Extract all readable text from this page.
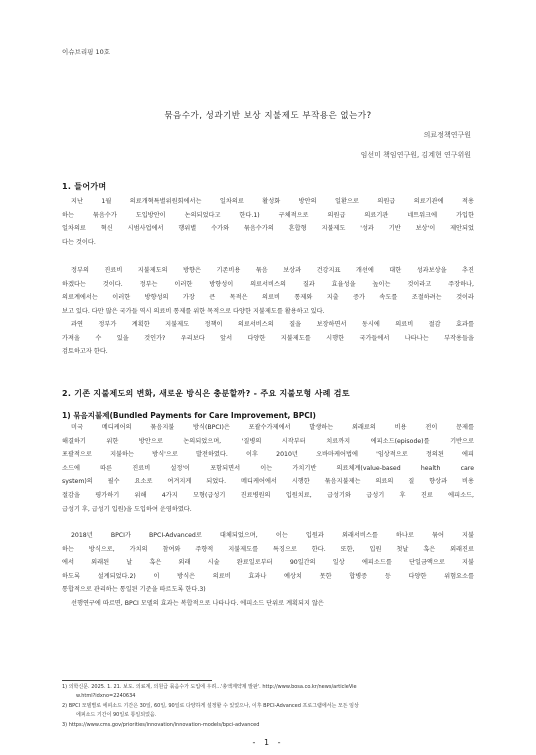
이슈브리핑 10호
묶음수가, 성과기반 보상 지불제도 부작용은 없는가?
의료정책연구원
임선미 책임연구원, 김계현 연구위원
1. 들어가며
지난 1월 의료개혁특별위원회에서는 일차의료 활성화 방안의 일환으로 의원급 의료기관에 적용
하는 묶음수가 도입방안이 논의되었다고 한다.1) 구체적으로 의원급 의료기관 네트워크에 가입한
일차의료 혁신 시범사업에서 행위별 수가와 묶음수가의 혼합형 지불제도 '성과 기반 보상'이 제안되었
다는 것이다.
정부의 진료비 지불제도의 방향은 기존비용 묶음 보상과 건강지표 개선에 대한 성과보상을 추진
하겠다는 것이다. 정부는 이러한 방향성이 의료서비스의 질과 효율성을 높이는 것이라고 주장하나,
의료계에서는 이러한 방향성의 가장 큰 목적은 의료비 통제와 지출 증가 속도를 조절하려는 것이라
보고 있다. 다만 많은 국가들 역시 의료비 통제를 위한 목적으로 다양한 지불제도를 활용하고 있다.
과연 정부가 계획한 지불제도 정책이 의료서비스의 질을 보장하면서 동시에 의료비 절감 효과를
가져올 수 있을 것인가? 우리보다 앞서 다양한 지불제도를 시행한 국가들에서 나타나는 부작용들을
검토하고자 한다.
2. 기존 지불제도의 변화, 새로운 방식은 충분할까? - 주요 지불모형 사례 검토
1) 묶음지불제(Bundled Payments for Care Improvement, BPCI)
미국 메디케어의 묶음지불 방식(BPCI)은 포괄수가제에서 발생하는 외래료의 비용 전이 문제를
해결하기 위한 방안으로 논의되었으며, '질병의 시작부터 치료까지 에피소드(episode)를 기반으로
포괄적으로 지불하는 방식'으로 발전하였다. 이후 2010년 오바마케어법에 '임상적으로 정의된 에피
소드에 따른 진료비 설정'이 포함되면서 이는 가치기반 의료체계(value-based health care
system)의 필수 요소로 여겨지게 되었다. 메디케어에서 시행한 묶음지불제는 의료의 질 향상과 비용
절감을 평가하기 위해 4가지 모형(급성기 진료병원의 입원치료, 급성기와 급성기 후 진료 에피소드,
급성기 후, 급성기 입원)을 도입하여 운영하였다.
2018년 BPCI가 BPCI-Advanced로 대체되었으며, 이는 입원과 외래서비스를 하나로 묶어 지불
하는 방식으로, 가치의 참여와 주향적 지불제도를 특징으로 한다. 또한, 입원 첫날 혹은 외래진료
에서 외래된 날 혹은 외래 시술 완료일로부터 90일간의 일상 에피소드를 단일금액으로 지불
하도록 설계되었다.2) 이 방식은 의료비 효과나 예상치 못한 합병증 등 다양한 위험요소를
통합적으로 관리하는 통일된 기준을 따르도록 한다.3)
선행연구에 따르면, BPCI 모델의 효과는 복합적으로 나타나다. 에피소드 단위로 계획되지 않은
1) 의학신문. 2025. 1. 21. 보도. 의료계, 의원급 묶음수가 도입에 우려...'총액계약제 발판'. http://www.bosa.co.kr/news/articleVie
w.html?idxno=2240634
2) BPCI 모델별로 에피소드 기간은 30일, 60일, 90일로 다양하게 설정할 수 있었으나, 이후 BPCI-Advanced 프로그램에서는 모든 임상
에피소드 기간이 90일로 통일되었음.
3) https://www.cms.gov/priorities/innovation/innovation-models/bpci-advanced
- 1 -
